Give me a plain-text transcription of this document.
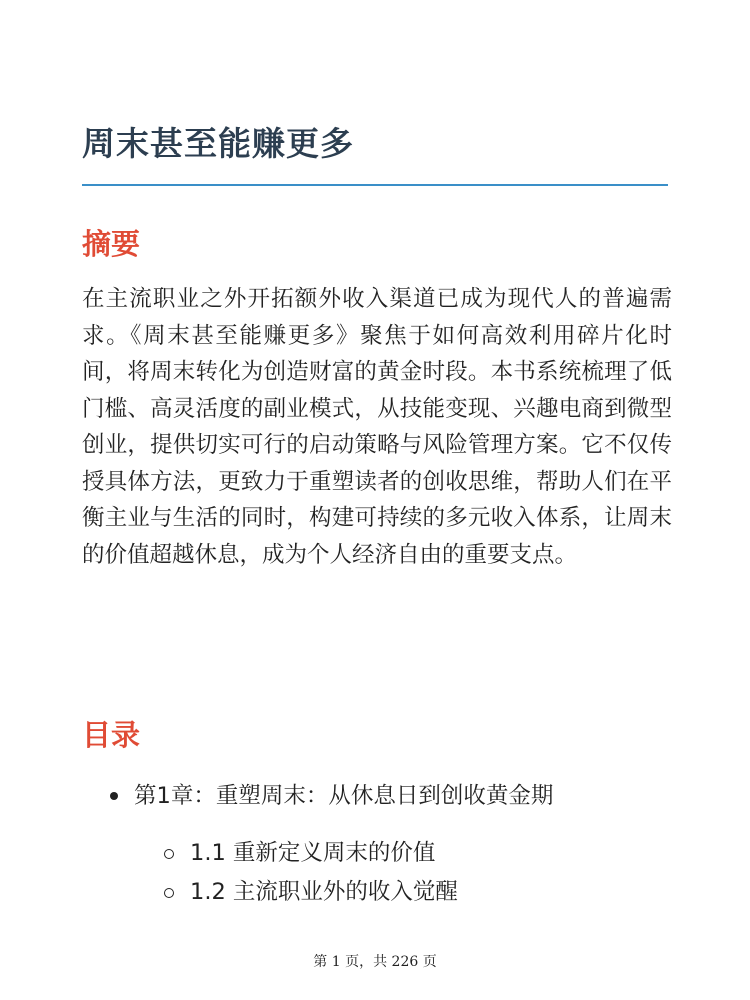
周末甚至能赚更多
摘要

在主流职业之外开拓额外收入渠道已成为现代人的普遍需求。《周末甚至能赚更多》聚焦于如何高效利用碎片化时间，将周末转化为创造财富的黄金时段。本书系统梳理了低门槛、高灵活度的副业模式，从技能变现、兴趣电商到微型创业，提供切实可行的启动策略与风险管理方案。它不仅传授具体方法，更致力于重塑读者的创收思维，帮助人们在平衡主业与生活的同时，构建可持续的多元收入体系，让周末的价值超越休息，成为个人经济自由的重要支点。

目录
第1章：重塑周末：从休息日到创收黄金期
1.1 重新定义周末的价值
1.2 主流职业外的收入觉醒
第 1 页，共 226 页
